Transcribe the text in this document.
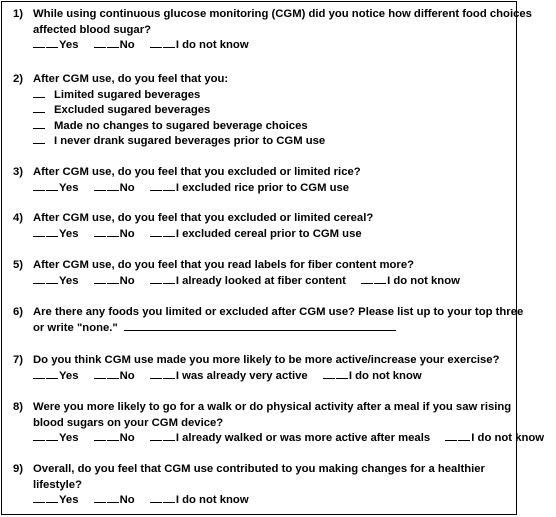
1) While using continuous glucose monitoring (CGM) did you notice how different food choices
affected blood sugar?
Yes	No	I do not know
2) After CGM use, do you feel that you:
Limited sugared beverages
Excluded sugared beverages
Made no changes to sugared beverage choices
I never drank sugared beverages prior to CGM use
3) After CGM use, do you feel that you excluded or limited rice?
Yes	No	I excluded rice prior to CGM use
4) After CGM use, do you feel that you excluded or limited cereal?
Yes	No	I excluded cereal prior to CGM use
5) After CGM use, do you feel that you read labels for fiber content more?
Yes	No	I already looked at fiber content	I do not know
6) Are there any foods you limited or excluded after CGM use? Please list up to your top three
or write "none."
7) Do you think CGM use made you more likely to be more active/increase your exercise?
Yes	No	I was already very active	I do not know
8) Were you more likely to go for a walk or do physical activity after a meal if you saw rising
blood sugars on your CGM device?
Yes	No	I already walked or was more active after meals	I do not know
9) Overall, do you feel that CGM use contributed to you making changes for a healthier
lifestyle?
Yes	No	I do not know
